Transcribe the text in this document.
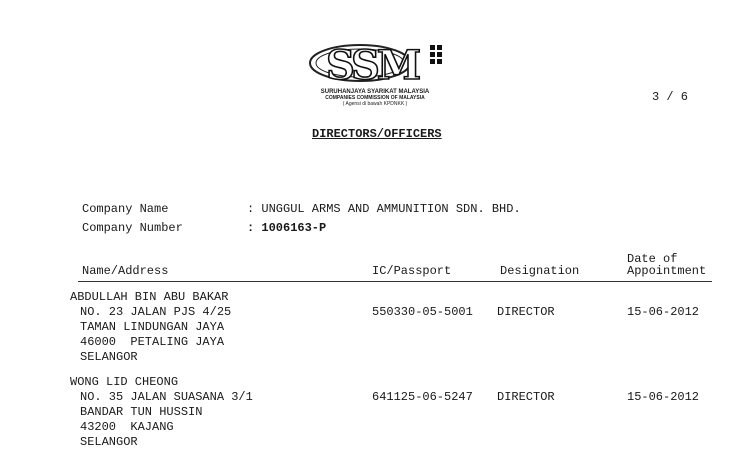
SSM
SURUHANJAYA SYARIKAT MALAYSIA
COMPANIES COMMISSION OF MALAYSIA
( Agensi di bawah KPDNKK )	3 / 6
DIRECTORS/OFFICERS
Company Name	: UNGGUL ARMS AND AMMUNITION SDN. BHD.
Company Number	: 1006163-P
Name/Address	IC/Passport	Designation
Date of
Appointment
ABDULLAH BIN ABU BAKAR
NO. 23 JALAN PJS 4/25
TAMAN LINDUNGAN JAYA
46000  PETALING JAYA
SELANGOR
550330-05-5001 DIRECTOR	15-06-2012
WONG LID CHEONG
NO. 35 JALAN SUASANA 3/1
BANDAR TUN HUSSIN
43200  KAJANG
SELANGOR
641125-06-5247 DIRECTOR	15-06-2012
